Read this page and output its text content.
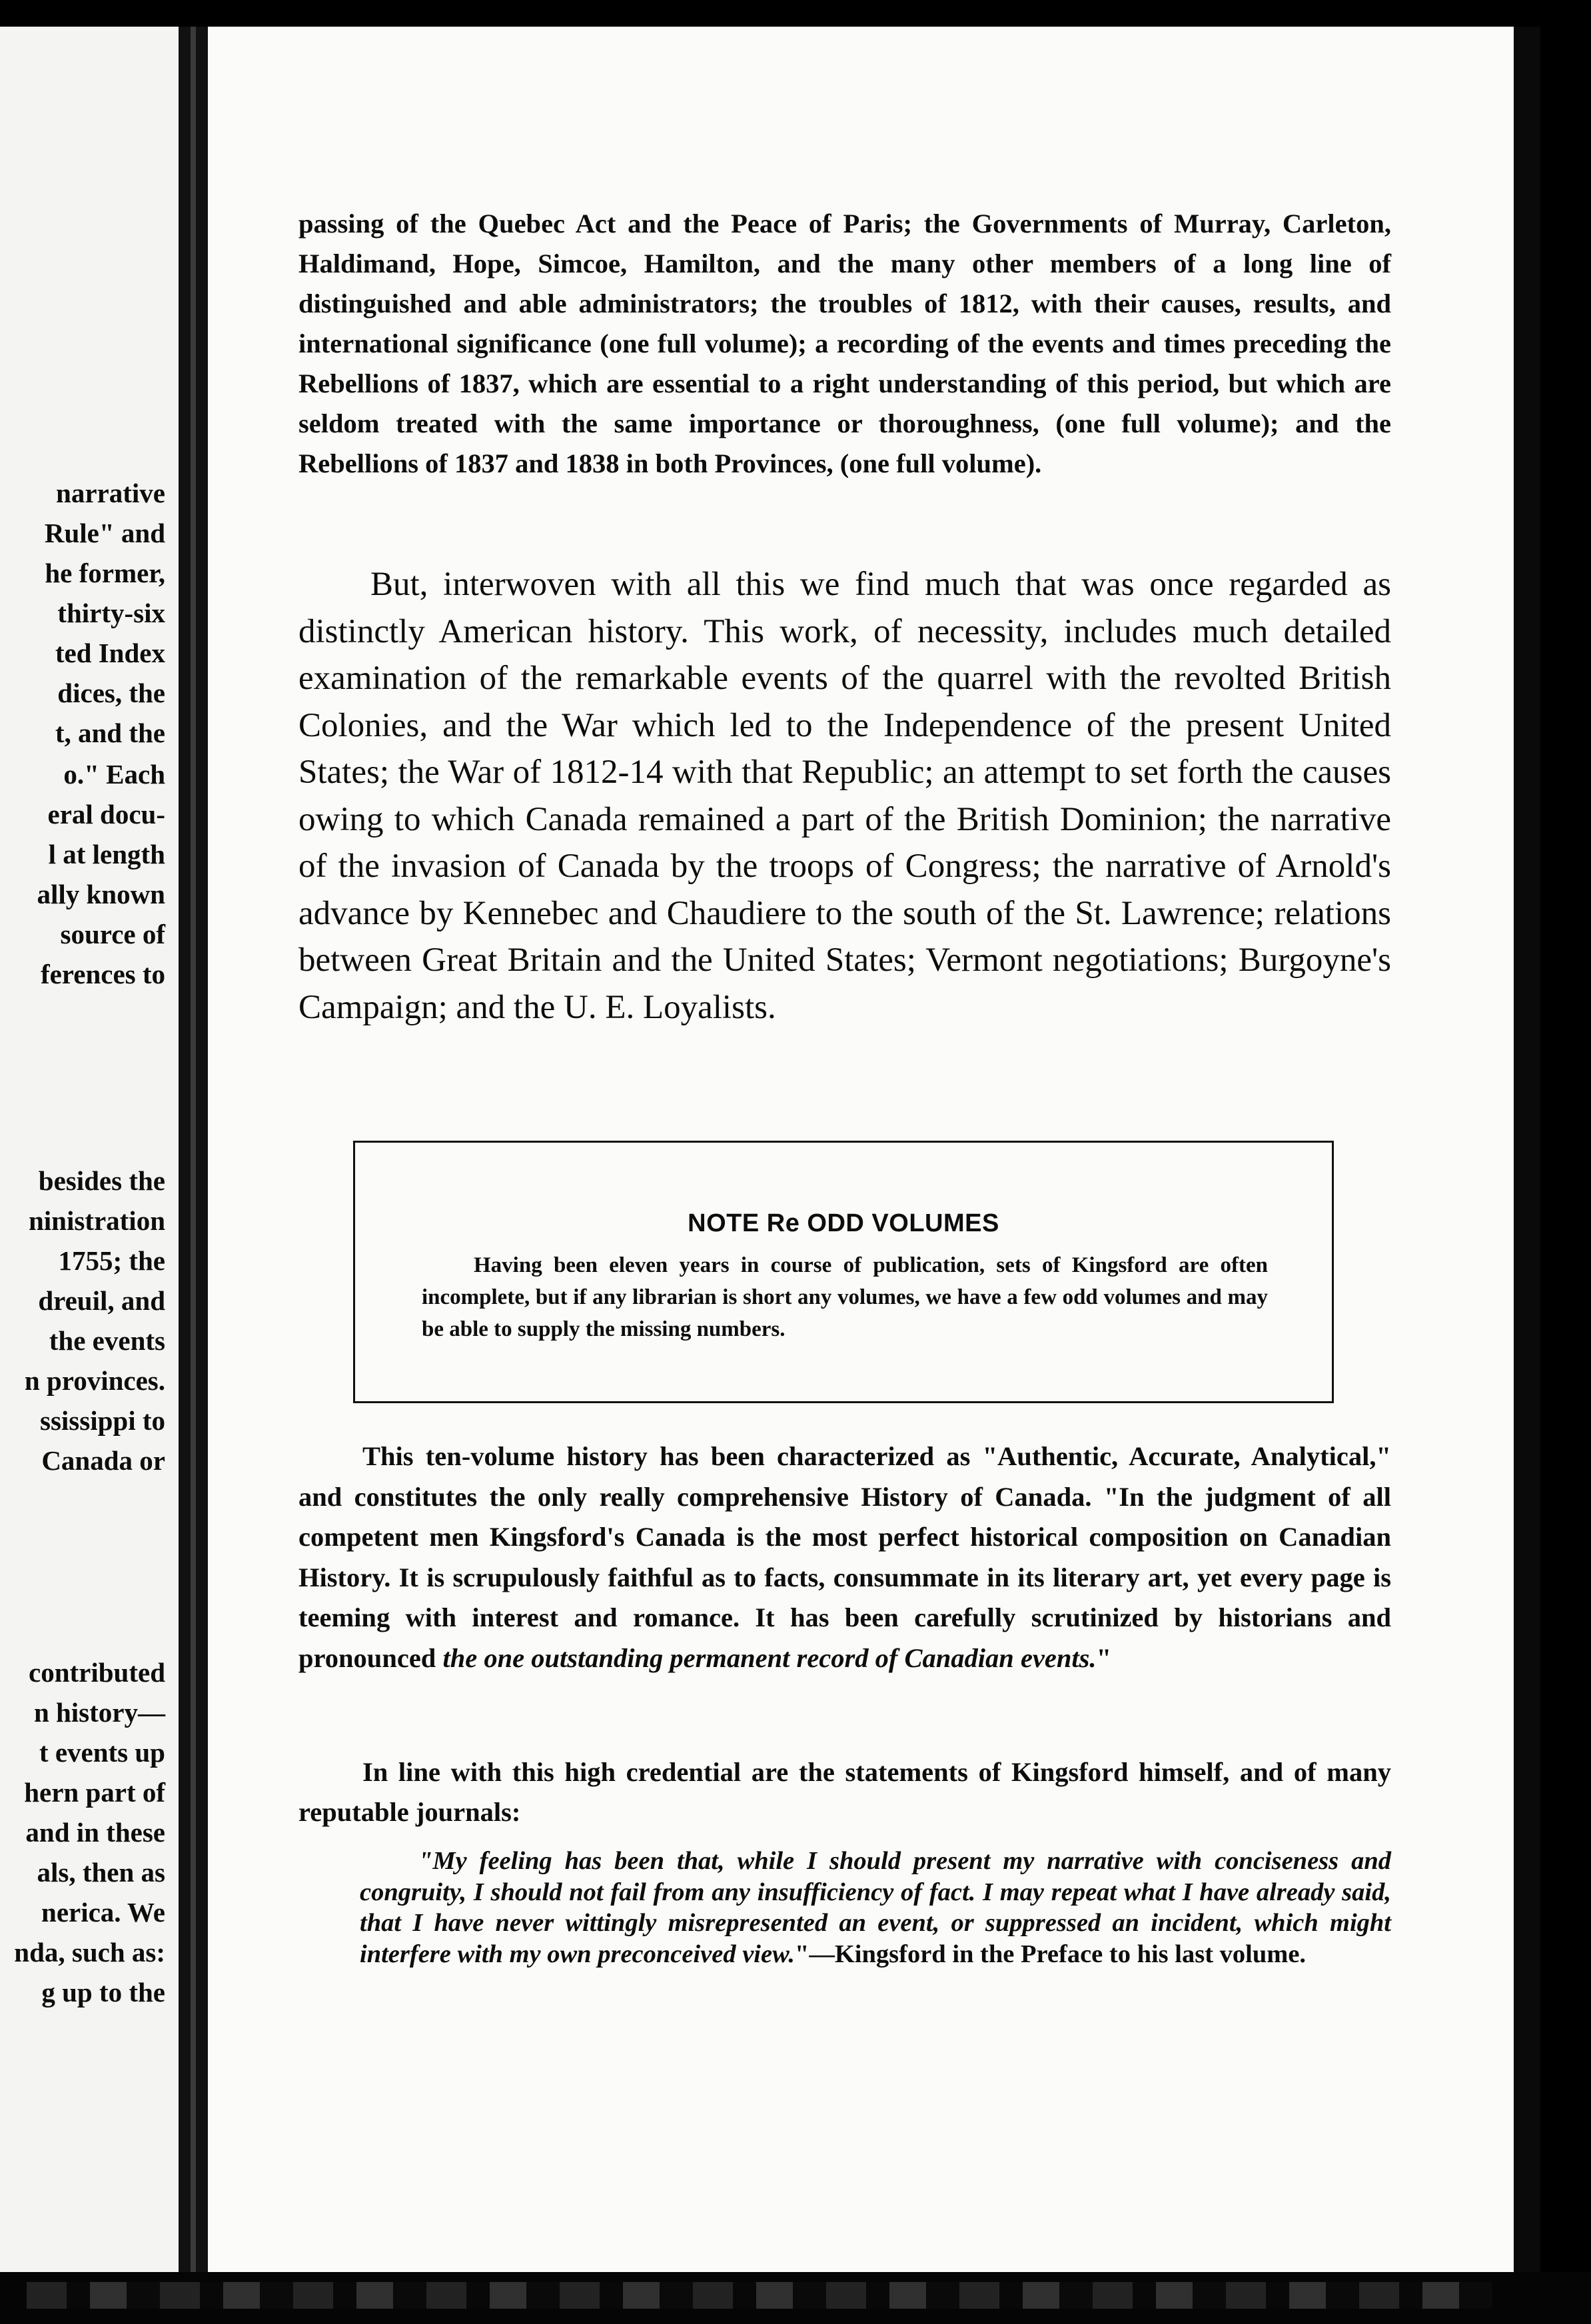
narrative
Rule" and
he former,
thirty-six
ted Index
dices, the
t, and the
o." Each
eral docu-
l at length
ally known
source of
ferences to
besides the
ninistration
1755; the
dreuil, and
the events
n provinces.
ssissippi to
Canada or
contributed
n history—
t events up
hern part of
and in these
als, then as
nerica. We
nda, such as:
g up to the

passing of the Quebec Act and the Peace of Paris; the Governments of Murray, Carleton, Haldimand, Hope, Simcoe, Hamilton, and the many other members of a long line of distinguished and able administrators; the troubles of 1812, with their causes, results, and international significance (one full volume); a recording of the events and times preceding the Rebellions of 1837, which are essential to a right understanding of this period, but which are seldom treated with the same importance or thoroughness, (one full volume); and the Rebellions of 1837 and 1838 in both Provinces, (one full volume).

But, interwoven with all this we find much that was once regarded as distinctly American history. This work, of necessity, includes much detailed examination of the remarkable events of the quarrel with the revolted British Colonies, and the War which led to the Independence of the present United States; the War of 1812-14 with that Republic; an attempt to set forth the causes owing to which Canada remained a part of the British Dominion; the narrative of the invasion of Canada by the troops of Congress; the narrative of Arnold's advance by Kennebec and Chaudiere to the south of the St. Lawrence; relations between Great Britain and the United States; Vermont negotiations; Burgoyne's Campaign; and the U. E. Loyalists.

NOTE Re ODD VOLUMES

Having been eleven years in course of publication, sets of Kingsford are often incomplete, but if any librarian is short any volumes, we have a few odd volumes and may be able to supply the missing numbers.

This ten-volume history has been characterized as "Authentic, Accurate, Analytical," and constitutes the only really comprehensive History of Canada. "In the judgment of all competent men Kingsford's Canada is the most perfect historical composition on Canadian History. It is scrupulously faithful as to facts, consummate in its literary art, yet every page is teeming with interest and romance. It has been carefully scrutinized by historians and pronounced the one outstanding permanent record of Canadian events."

In line with this high credential are the statements of Kingsford himself, and of many reputable journals:

"My feeling has been that, while I should present my narrative with conciseness and congruity, I should not fail from any insufficiency of fact. I may repeat what I have already said, that I have never wittingly misrepresented an event, or suppressed an incident, which might interfere with my own preconceived view."—Kingsford in the Preface to his last volume.
